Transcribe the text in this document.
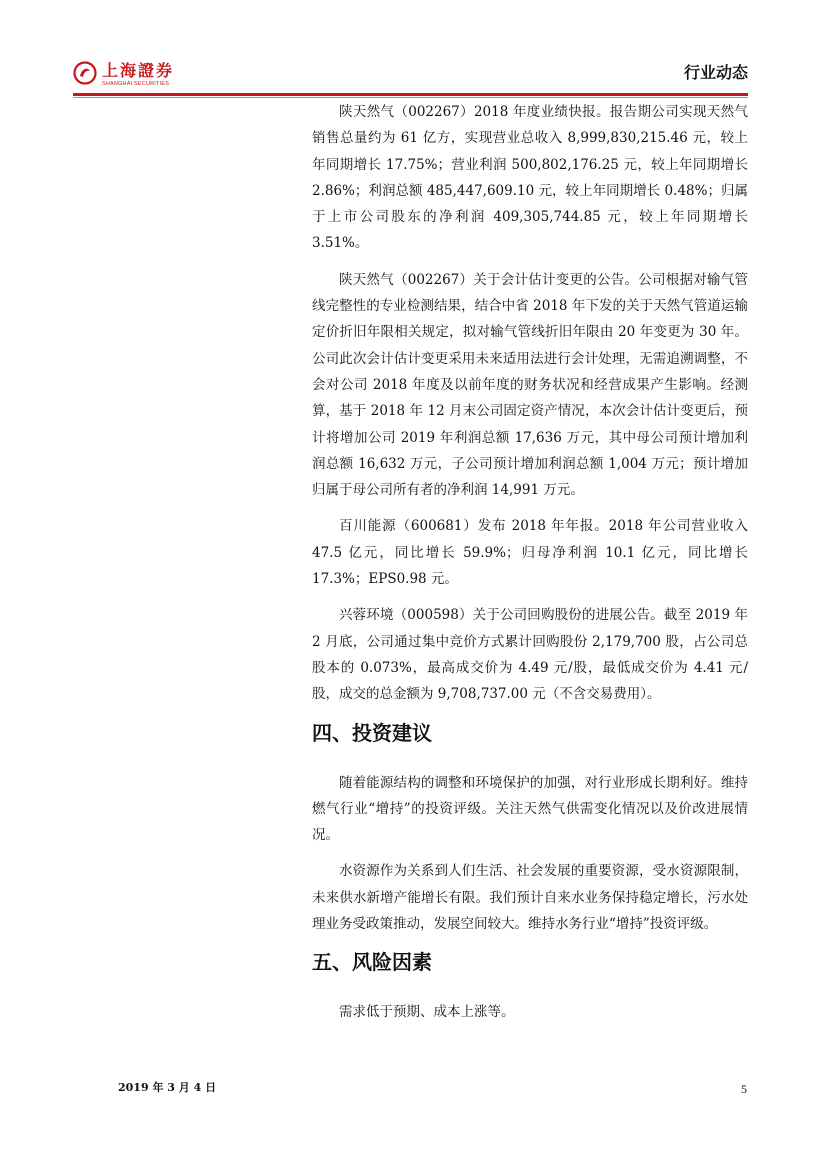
上海證券
SHANGHAI SECURITIES
行业动态

陕天然气（002267）2018 年度业绩快报。报告期公司实现天然气销售总量约为 61 亿方，实现营业总收入 8,999,830,215.46 元，较上年同期增长 17.75%；营业利润 500,802,176.25 元，较上年同期增长 2.86%；利润总额 485,447,609.10 元，较上年同期增长 0.48%；归属于上市公司股东的净利润 409,305,744.85 元，较上年同期增长 3.51%。

陕天然气（002267）关于会计估计变更的公告。公司根据对输气管线完整性的专业检测结果，结合中省 2018 年下发的关于天然气管道运输定价折旧年限相关规定，拟对输气管线折旧年限由 20 年变更为 30 年。公司此次会计估计变更采用未来适用法进行会计处理，无需追溯调整，不会对公司 2018 年度及以前年度的财务状况和经营成果产生影响。经测算，基于 2018 年 12 月末公司固定资产情况，本次会计估计变更后，预计将增加公司 2019 年利润总额 17,636 万元，其中母公司预计增加利润总额 16,632 万元，子公司预计增加利润总额 1,004 万元；预计增加归属于母公司所有者的净利润 14,991 万元。

百川能源（600681）发布 2018 年年报。2018 年公司营业收入 47.5 亿元，同比增长 59.9%；归母净利润 10.1 亿元，同比增长 17.3%；EPS0.98 元。

兴蓉环境（000598）关于公司回购股份的进展公告。截至 2019 年 2 月底，公司通过集中竞价方式累计回购股份 2,179,700 股，占公司总股本的 0.073%，最高成交价为 4.49 元/股，最低成交价为 4.41 元/股，成交的总金额为 9,708,737.00 元（不含交易费用）。

四、投资建议

随着能源结构的调整和环境保护的加强，对行业形成长期利好。维持燃气行业“增持”的投资评级。关注天然气供需变化情况以及价改进展情况。

水资源作为关系到人们生活、社会发展的重要资源，受水资源限制，未来供水新增产能增长有限。我们预计自来水业务保持稳定增长，污水处理业务受政策推动，发展空间较大。维持水务行业“增持”投资评级。

五、风险因素

需求低于预期、成本上涨等。

2019 年 3 月 4 日	5
